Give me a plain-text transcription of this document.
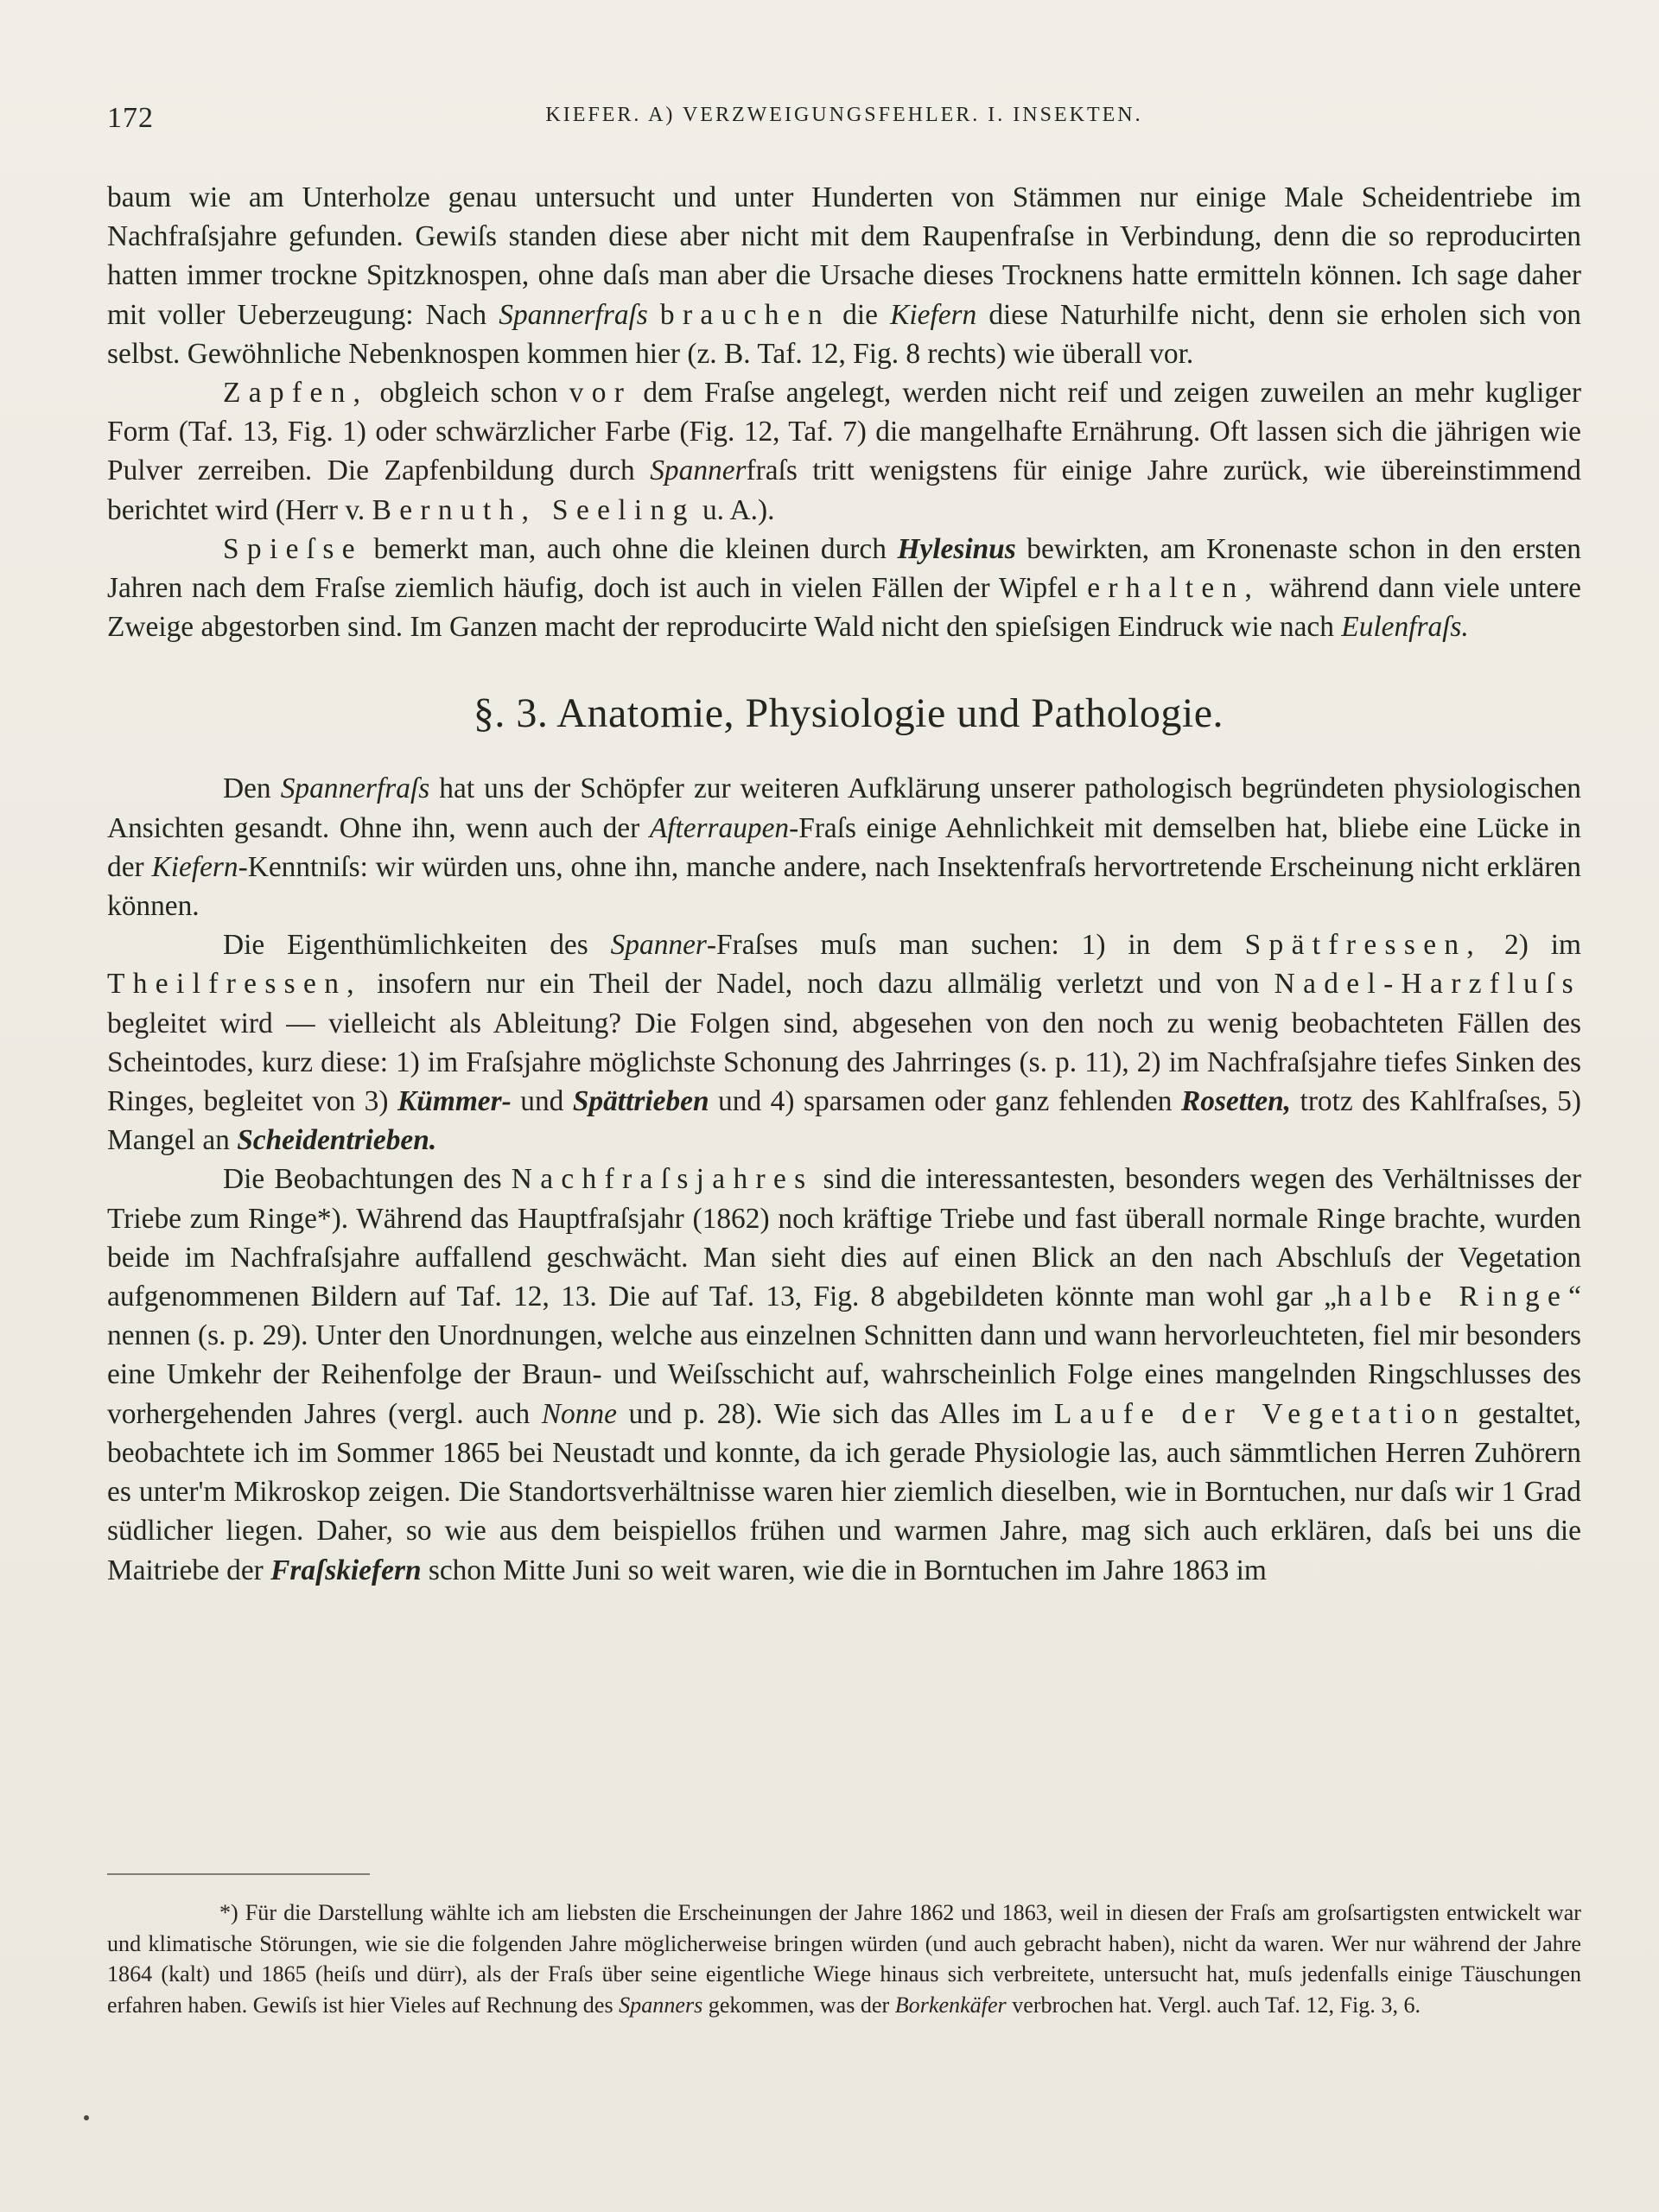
172	KIEFER. A) VERZWEIGUNGSFEHLER. I. INSEKTEN.

baum wie am Unterholze genau untersucht und unter Hunderten von Stämmen nur einige Male Scheidentriebe im Nachfraſsjahre gefunden. Gewiſs standen diese aber nicht mit dem Raupenfraſse in Verbindung, denn die so reproducirten hatten immer trockne Spitzknospen, ohne daſs man aber die Ursache dieses Trocknens hatte ermitteln können. Ich sage daher mit voller Ueberzeugung: Nach Spannerfraſs brauchen die Kiefern diese Naturhilfe nicht, denn sie erholen sich von selbst. Gewöhnliche Nebenknospen kommen hier (z. B. Taf. 12, Fig. 8 rechts) wie überall vor.

Zapfen, obgleich schon vor dem Fraſse angelegt, werden nicht reif und zeigen zuweilen an mehr kugliger Form (Taf. 13, Fig. 1) oder schwärzlicher Farbe (Fig. 12, Taf. 7) die mangelhafte Ernährung. Oft lassen sich die jährigen wie Pulver zerreiben. Die Zapfenbildung durch Spannerfraſs tritt wenigstens für einige Jahre zurück, wie übereinstimmend berichtet wird (Herr v. Bernuth, Seeling u. A.).

Spieſse bemerkt man, auch ohne die kleinen durch Hylesinus bewirkten, am Kronenaste schon in den ersten Jahren nach dem Fraſse ziemlich häufig, doch ist auch in vielen Fällen der Wipfel erhalten, während dann viele untere Zweige abgestorben sind. Im Ganzen macht der reproducirte Wald nicht den spieſsigen Eindruck wie nach Eulenfraſs.

§. 3. Anatomie, Physiologie und Pathologie.

Den Spannerfraſs hat uns der Schöpfer zur weiteren Aufklärung unserer pathologisch begründeten physiologischen Ansichten gesandt. Ohne ihn, wenn auch der Afterraupen-Fraſs einige Aehnlichkeit mit demselben hat, bliebe eine Lücke in der Kiefern-Kenntniſs: wir würden uns, ohne ihn, manche andere, nach Insektenfraſs hervortretende Erscheinung nicht erklären können.

Die Eigenthümlichkeiten des Spanner-Fraſses muſs man suchen: 1) in dem Spätfressen, 2) im Theilfressen, insofern nur ein Theil der Nadel, noch dazu allmälig verletzt und von Nadel-Harzfluſs begleitet wird — vielleicht als Ableitung? Die Folgen sind, abgesehen von den noch zu wenig beobachteten Fällen des Scheintodes, kurz diese: 1) im Fraſsjahre möglichste Schonung des Jahrringes (s. p. 11), 2) im Nachfraſsjahre tiefes Sinken des Ringes, begleitet von 3) Kümmer- und Spättrieben und 4) sparsamen oder ganz fehlenden Rosetten, trotz des Kahlfraſses, 5) Mangel an Scheidentrieben.

Die Beobachtungen des Nachfraſsjahres sind die interessantesten, besonders wegen des Verhältnisses der Triebe zum Ringe*). Während das Hauptfraſsjahr (1862) noch kräftige Triebe und fast überall normale Ringe brachte, wurden beide im Nachfraſsjahre auffallend geschwächt. Man sieht dies auf einen Blick an den nach Abschluſs der Vegetation aufgenommenen Bildern auf Taf. 12, 13. Die auf Taf. 13, Fig. 8 abgebildeten könnte man wohl gar „halbe Ringe“ nennen (s. p. 29). Unter den Unordnungen, welche aus einzelnen Schnitten dann und wann hervorleuchteten, fiel mir besonders eine Umkehr der Reihenfolge der Braun- und Weiſsschicht auf, wahrscheinlich Folge eines mangelnden Ringschlusses des vorhergehenden Jahres (vergl. auch Nonne und p. 28). Wie sich das Alles im Laufe der Vegetation gestaltet, beobachtete ich im Sommer 1865 bei Neustadt und konnte, da ich gerade Physiologie las, auch sämmtlichen Herren Zuhörern es unter'm Mikroskop zeigen. Die Standortsverhältnisse waren hier ziemlich dieselben, wie in Borntuchen, nur daſs wir 1 Grad südlicher liegen. Daher, so wie aus dem beispiellos frühen und warmen Jahre, mag sich auch erklären, daſs bei uns die Maitriebe der Fraſskiefern schon Mitte Juni so weit waren, wie die in Borntuchen im Jahre 1863 im

*) Für die Darstellung wählte ich am liebsten die Erscheinungen der Jahre 1862 und 1863, weil in diesen der Fraſs am groſsartigsten entwickelt war und klimatische Störungen, wie sie die folgenden Jahre möglicherweise bringen würden (und auch gebracht haben), nicht da waren. Wer nur während der Jahre 1864 (kalt) und 1865 (heiſs und dürr), als der Fraſs über seine eigentliche Wiege hinaus sich verbreitete, untersucht hat, muſs jedenfalls einige Täuschungen erfahren haben. Gewiſs ist hier Vieles auf Rechnung des Spanners gekommen, was der Borkenkäfer verbrochen hat. Vergl. auch Taf. 12, Fig. 3, 6.
